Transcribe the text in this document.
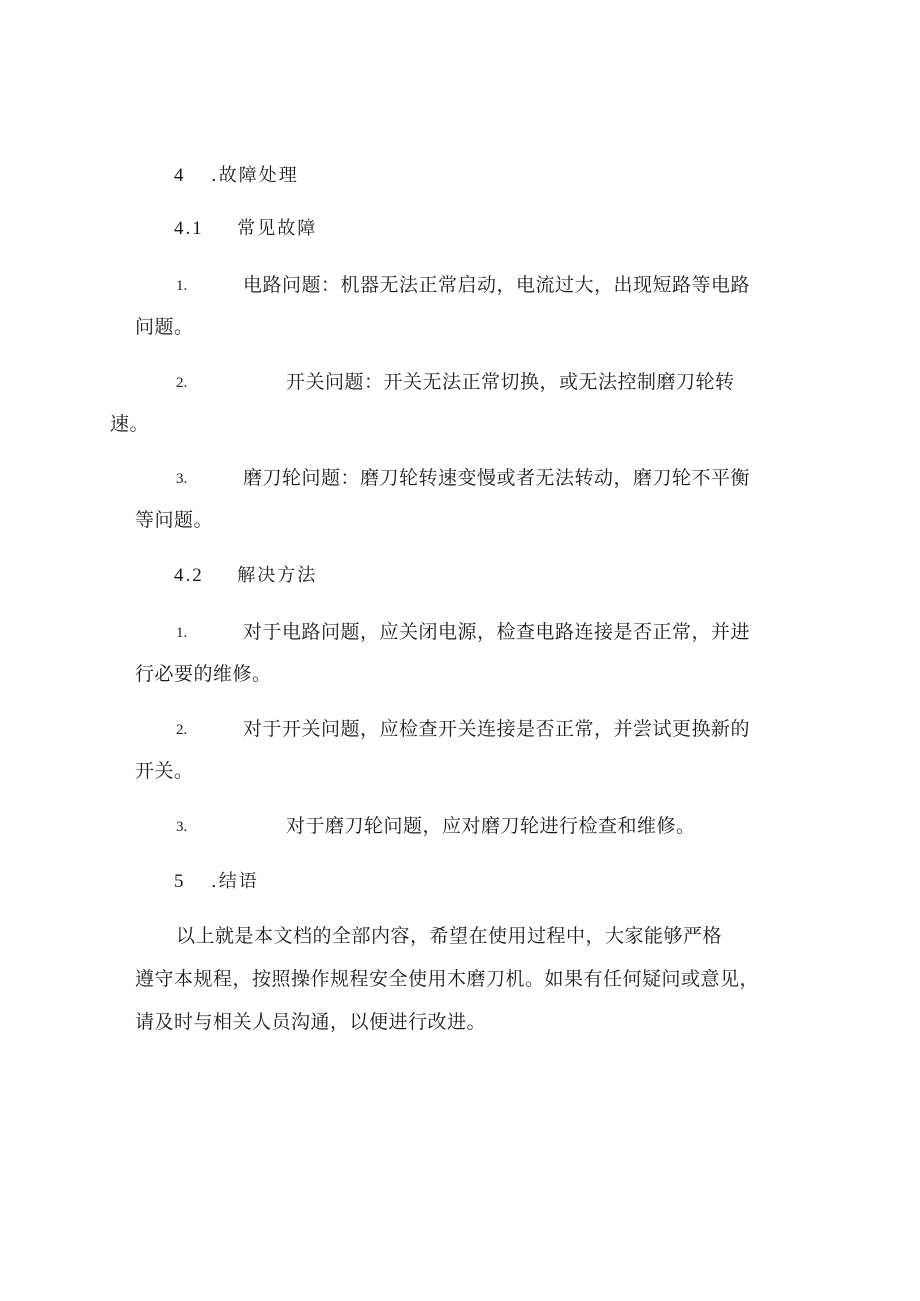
4 .故障处理
4.1 常见故障
1.	电路问题：机器无法正常启动，电流过大，出现短路等电路
问题。
2.	开关问题：开关无法正常切换，或无法控制磨刀轮转
速。
3.	磨刀轮问题：磨刀轮转速变慢或者无法转动，磨刀轮不平衡
等问题。
4.2 解决方法
1.	对于电路问题，应关闭电源，检查电路连接是否正常，并进
行必要的维修。
2.	对于开关问题，应检查开关连接是否正常，并尝试更换新的
开关。
3.	对于磨刀轮问题，应对磨刀轮进行检查和维修。
5 .结语
以上就是本文档的全部内容，希望在使用过程中，大家能够严格
遵守本规程，按照操作规程安全使用木磨刀机。如果有任何疑问或意见，
请及时与相关人员沟通，以便进行改进。
